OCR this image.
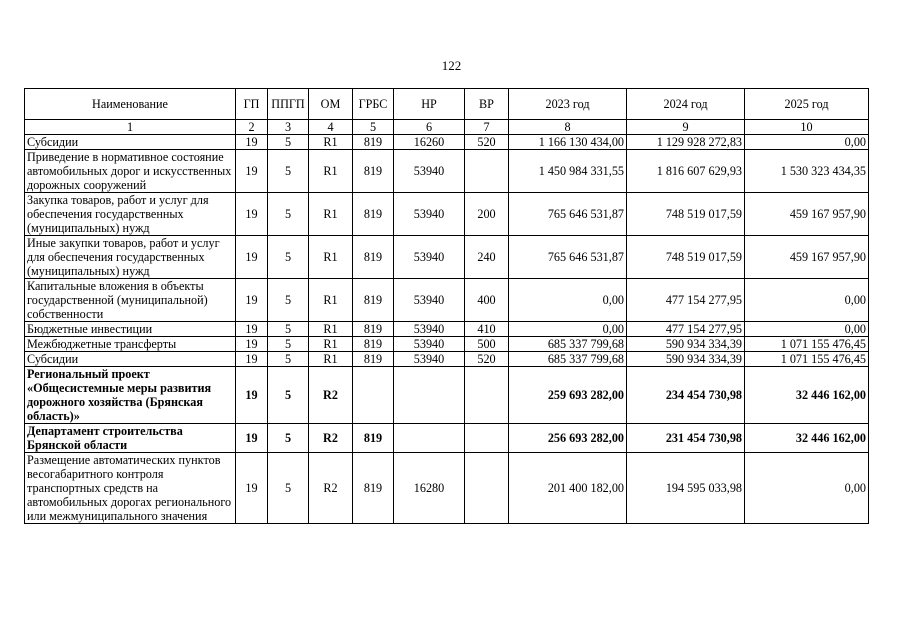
122
Наименование	ГП	ППГП	ОМ	ГРБС	НР	ВР	2023 год	2024 год	2025 год
1	2	3	4	5	6	7	8	9	10
Субсидии	19	5	R1	819	16260	520	1 166 130 434,00	1 129 928 272,83	0,00
Приведение в нормативное состояние автомобильных дорог и искусственных дорожных сооружений	19	5	R1	819	53940		1 450 984 331,55	1 816 607 629,93	1 530 323 434,35
Закупка товаров, работ и услуг для обеспечения государственных (муниципальных) нужд	19	5	R1	819	53940	200	765 646 531,87	748 519 017,59	459 167 957,90
Иные закупки товаров, работ и услуг для обеспечения государственных (муниципальных) нужд	19	5	R1	819	53940	240	765 646 531,87	748 519 017,59	459 167 957,90
Капитальные вложения в объекты государственной (муниципальной) собственности	19	5	R1	819	53940	400	0,00	477 154 277,95	0,00
Бюджетные инвестиции	19	5	R1	819	53940	410	0,00	477 154 277,95	0,00
Межбюджетные трансферты	19	5	R1	819	53940	500	685 337 799,68	590 934 334,39	1 071 155 476,45
Субсидии	19	5	R1	819	53940	520	685 337 799,68	590 934 334,39	1 071 155 476,45
Региональный проект «Общесистемные меры развития дорожного хозяйства (Брянская область)»	19	5	R2				259 693 282,00	234 454 730,98	32 446 162,00
Департамент строительства Брянской области	19	5	R2	819			256 693 282,00	231 454 730,98	32 446 162,00
Размещение автоматических пунктов весогабаритного контроля транспортных средств на автомобильных дорогах регионального или межмуниципального значения	19	5	R2	819	16280		201 400 182,00	194 595 033,98	0,00
